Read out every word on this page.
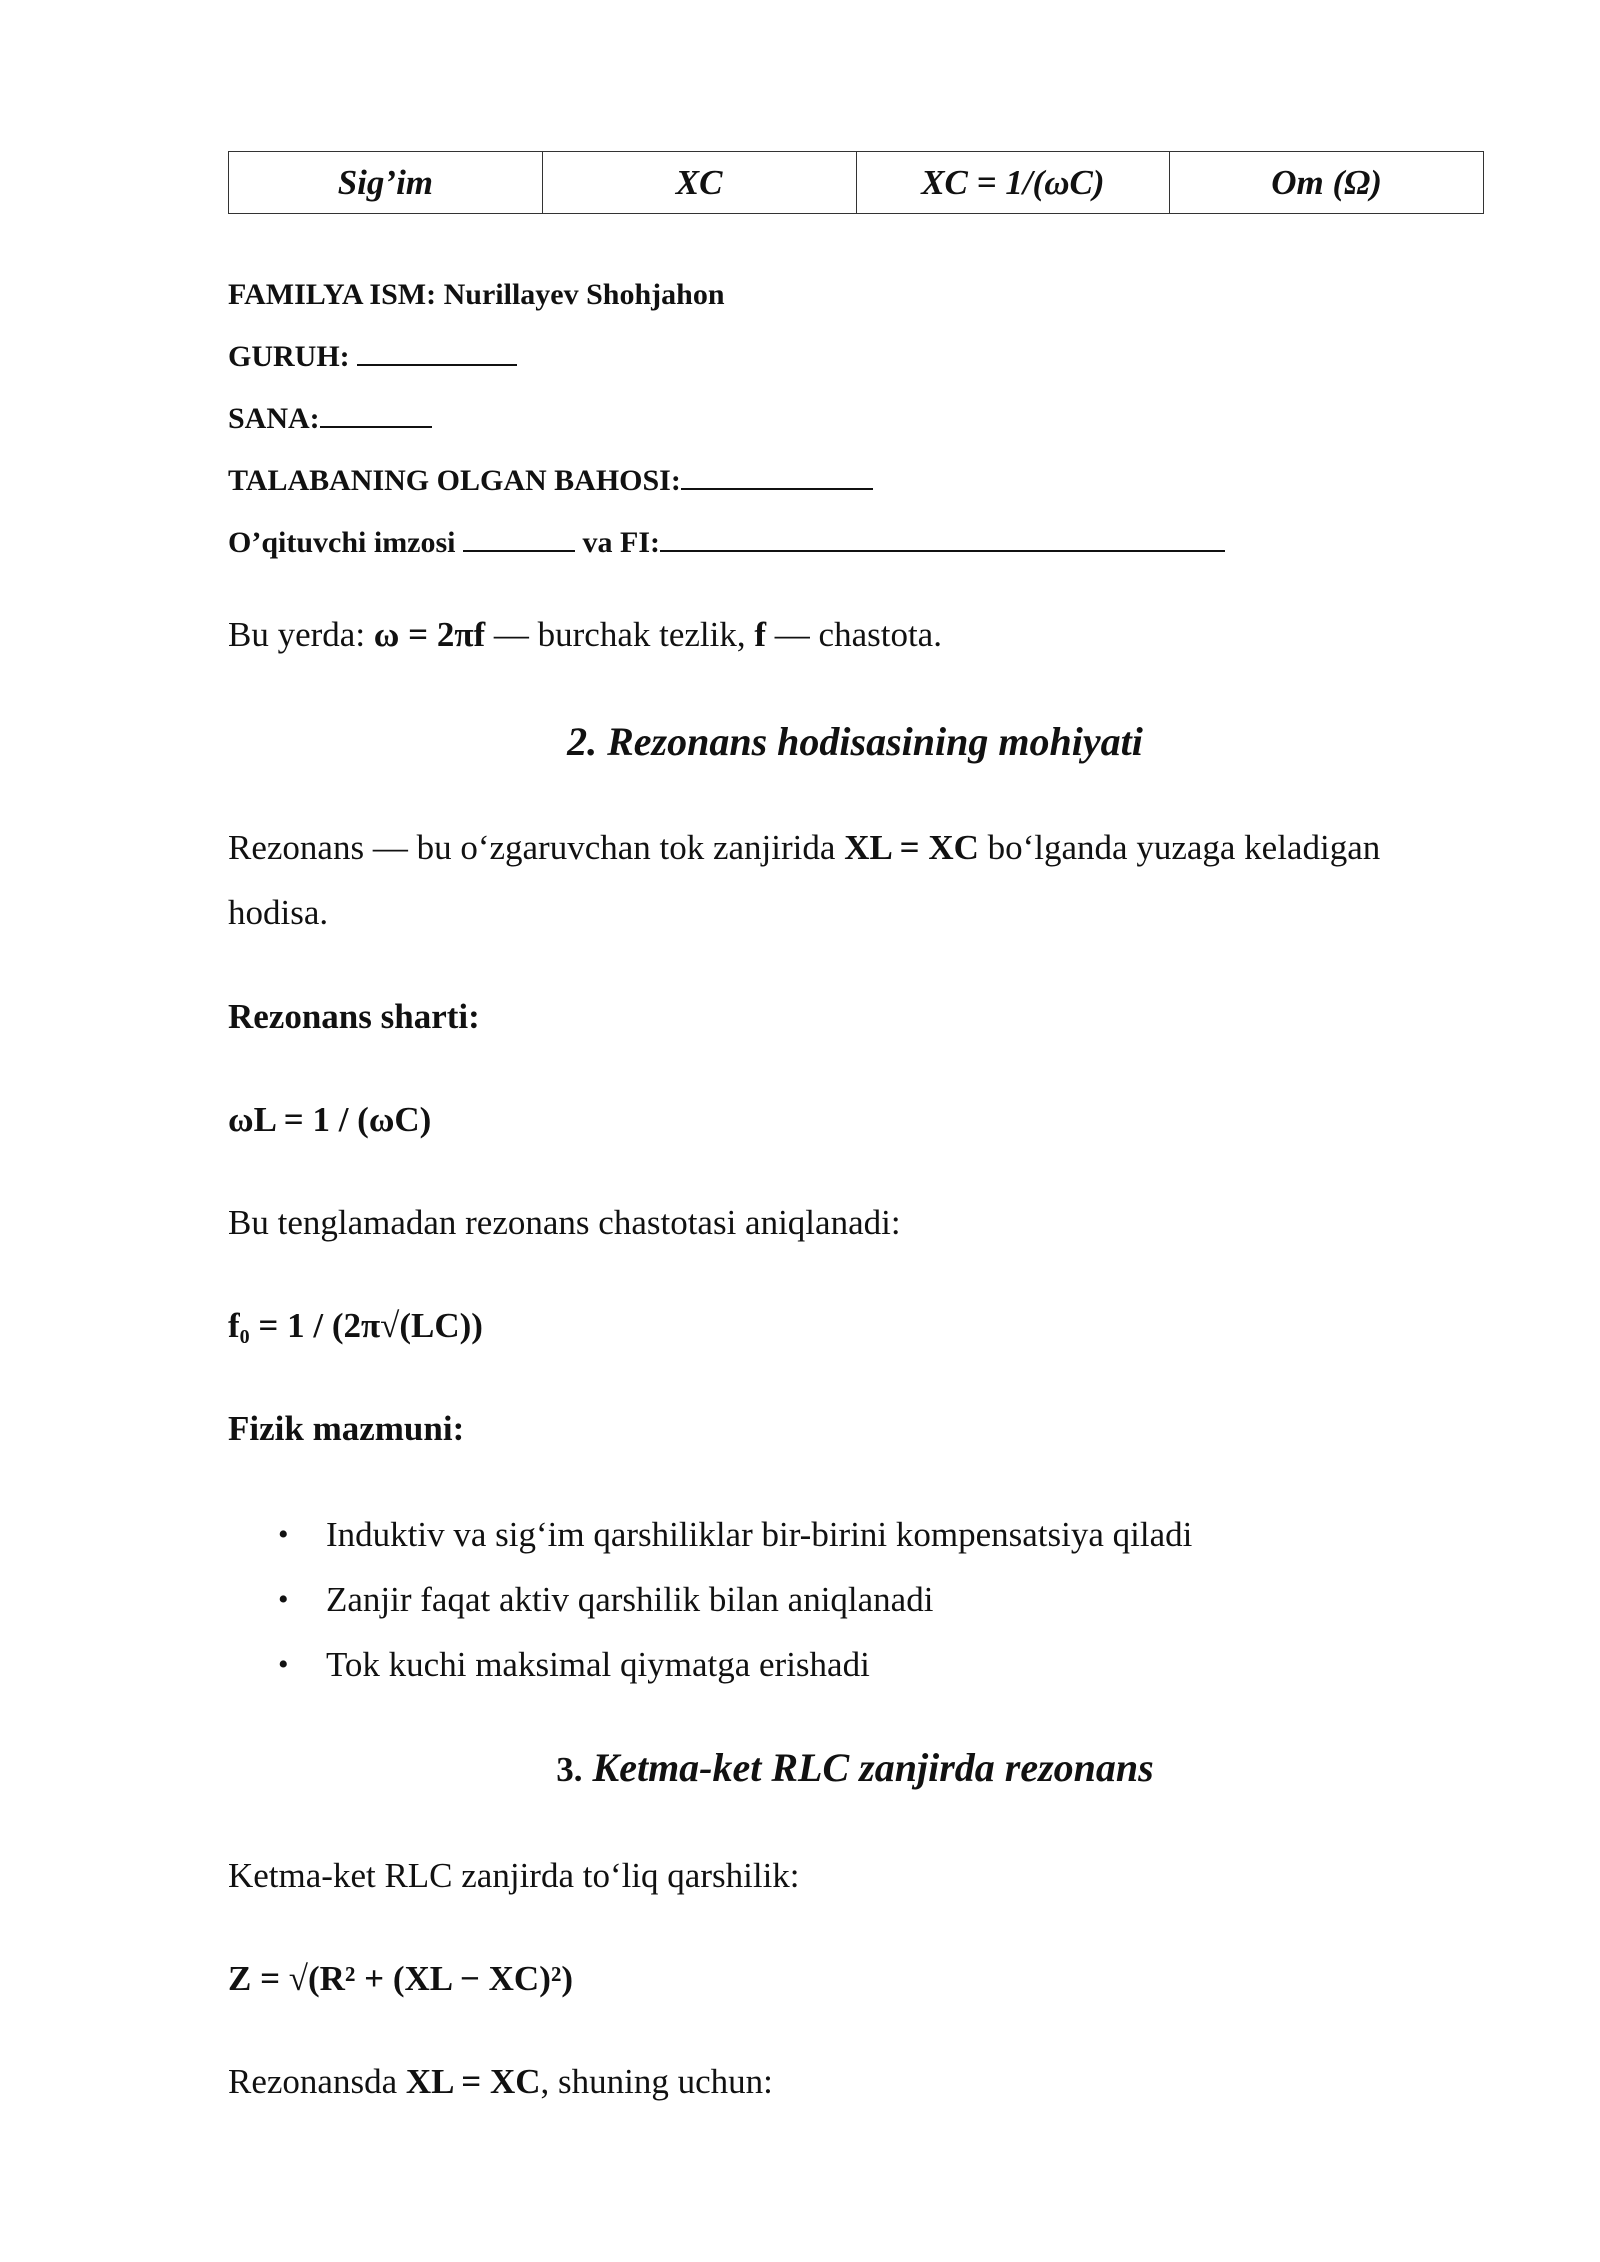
Sig’im	XC	XC = 1/(ωC)	Om (Ω)
FAMILYA ISM: Nurillayev Shohjahon
GURUH:
SANA:
TALABANING OLGAN BAHOSI:
O’qituvchi imzosi	va FI:
Bu yerda: ω = 2πf — burchak tezlik, f — chastota.
2. Rezonans hodisasining mohiyati
Rezonans — bu o‘zgaruvchan tok zanjirida XL = XC bo‘lganda yuzaga keladigan
hodisa.
Rezonans sharti:
ωL = 1 / (ωC)
Bu tenglamadan rezonans chastotasi aniqlanadi:
$f_0 = 1 / (2\pi√(LC))$
Fizik mazmuni:
• Induktiv va sig‘im qarshiliklar bir-birini kompensatsiya qiladi
• Zanjir faqat aktiv qarshilik bilan aniqlanadi
• Tok kuchi maksimal qiymatga erishadi
3. Ketma-ket RLC zanjirda rezonans
Ketma-ket RLC zanjirda to‘liq qarshilik:
Z = √(R² + (XL − XC)²)
Rezonansda XL = XC, shuning uchun:
